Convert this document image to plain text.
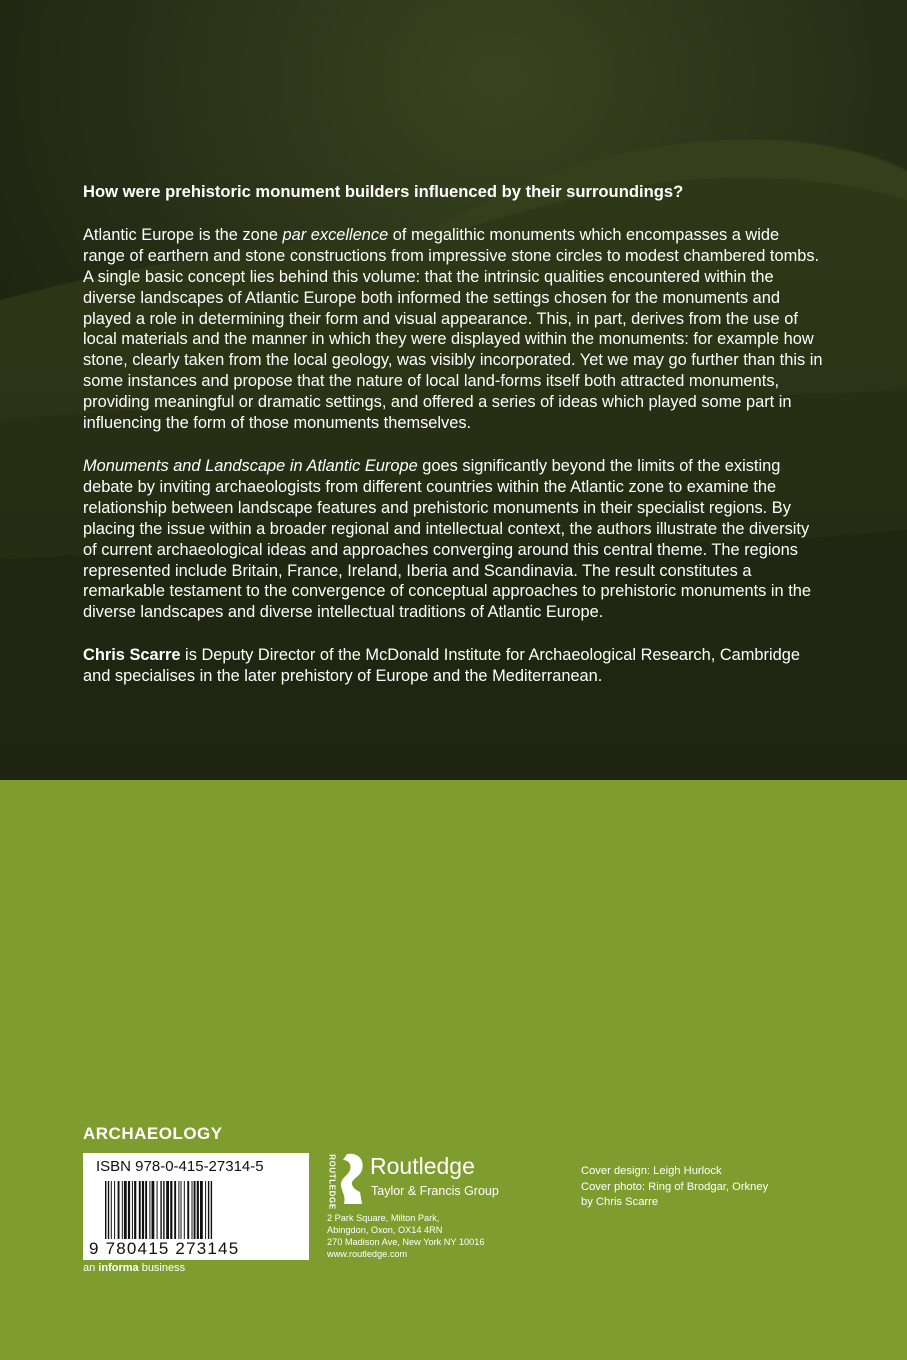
How were prehistoric monument builders influenced by their surroundings?

Atlantic Europe is the zone par excellence of megalithic monuments which encompasses a wide range of earthern and stone constructions from impressive stone circles to modest chambered tombs. A single basic concept lies behind this volume: that the intrinsic qualities encountered within the diverse landscapes of Atlantic Europe both informed the settings chosen for the monuments and played a role in determining their form and visual appearance. This, in part, derives from the use of local materials and the manner in which they were displayed within the monuments: for example how stone, clearly taken from the local geology, was visibly incorporated. Yet we may go further than this in some instances and propose that the nature of local land-forms itself both attracted monuments, providing meaningful or dramatic settings, and offered a series of ideas which played some part in influencing the form of those monuments themselves.

Monuments and Landscape in Atlantic Europe goes significantly beyond the limits of the existing debate by inviting archaeologists from different countries within the Atlantic zone to examine the relationship between landscape features and prehistoric monuments in their specialist regions. By placing the issue within a broader regional and intellectual context, the authors illustrate the diversity of current archaeological ideas and approaches converging around this central theme. The regions represented include Britain, France, Ireland, Iberia and Scandinavia. The result constitutes a remarkable testament to the convergence of conceptual approaches to prehistoric monuments in the diverse landscapes and diverse intellectual traditions of Atlantic Europe.

Chris Scarre is Deputy Director of the McDonald Institute for Archaeological Research, Cambridge and specialises in the later prehistory of Europe and the Mediterranean.

ARCHAEOLOGY
ISBN 978-0-415-27314-5
9 780415 273145
an informa business
ROUTLEDGE Routledge
Taylor & Francis Group
2 Park Square, Milton Park,
Abingdon, Oxon, OX14 4RN
270 Madison Ave, New York NY 10016
www.routledge.com
Cover design: Leigh Hurlock
Cover photo: Ring of Brodgar, Orkney
by Chris Scarre
